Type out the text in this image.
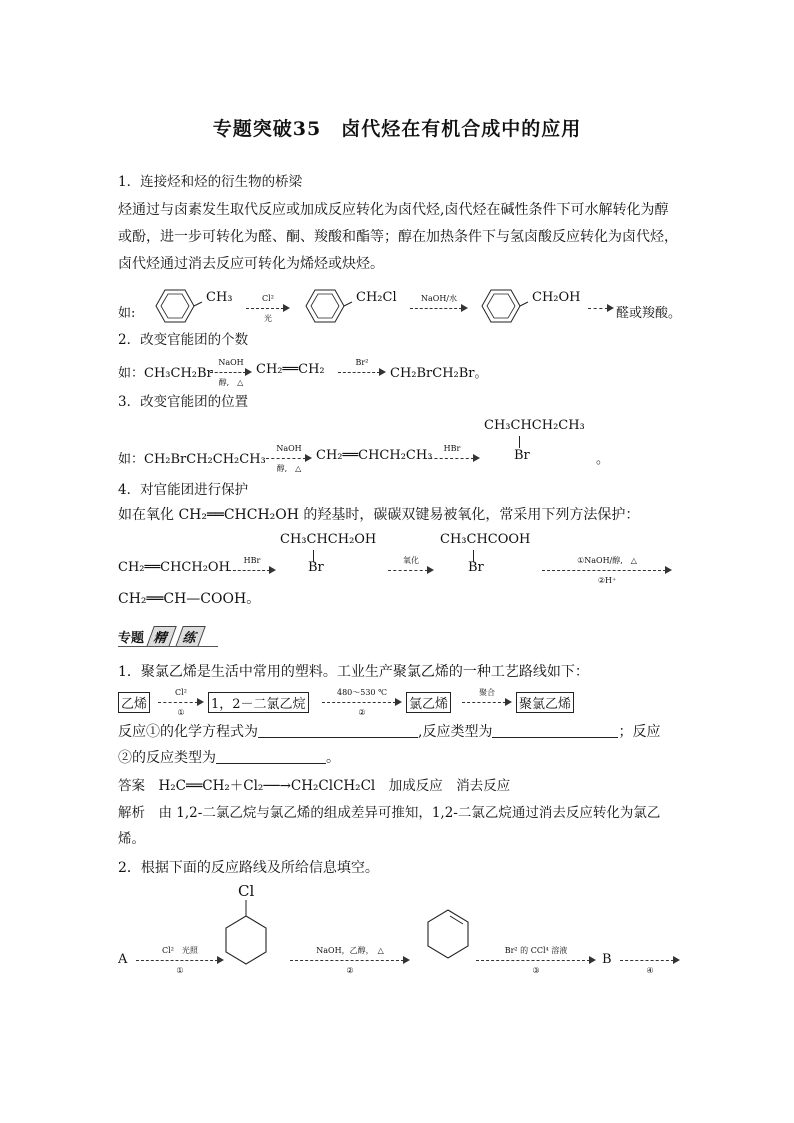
专题突破35　卤代烃在有机合成中的应用
1．连接烃和烃的衍生物的桥梁
烃通过与卤素发生取代反应或加成反应转化为卤代烃,卤代烃在碱性条件下可水解转化为醇
或酚，进一步可转化为醛、酮、羧酸和酯等；醇在加热条件下与氢卤酸反应转化为卤代烃，
卤代烃通过消去反应可转化为烯烃或炔烃。
如:
CH₃	Cl²
光
CH₂Cl	NaOH/水	CH₂OH
醛或羧酸。
2．改变官能团的个数
如：CH₃CH₂Br
NaOH
醇,　△
CH₂══CH₂	Br²
CH₂BrCH₂Br。
3．改变官能团的位置
CH₃CHCH₂CH₃
Br
如：CH₂BrCH₂CH₂CH₃
NaOH
醇,　△
CH₂══CHCH₂CH₃	HBr
。
4．对官能团进行保护
如在氧化 CH₂══CHCH₂OH 的羟基时，碳碳双键易被氧化，常采用下列方法保护：
CH₃CHCH₂OH
Br
CH₃CHCOOH
Br
CH₂══CHCH₂OH	HBr	氧化	①NaOH/醇,　△
②H⁺
CH₂══CH—COOH。
专题 精 练
1．聚氯乙烯是生活中常用的塑料。工业生产聚氯乙烯的一种工艺路线如下：
乙烯
Cl²
①
1，2－二氯乙烷
480～530 ℃
②
氯乙烯
聚合
聚氯乙烯
反应①的化学方程式为	,反应类型为	；反应
②的反应类型为	。
答案　 H₂C══CH₂＋Cl₂──→CH₂ClCH₂Cl　加成反应　消去反应
解析　 由 1,2-二氯乙烷与氯乙烯的组成差异可推知，1,2-二氯乙烷通过消去反应转化为氯乙
烯。
2．根据下面的反应路线及所给信息填空。
A
Cl²　光照
①
Cl
NaOH，乙醇，　△
②
Br² 的 CCl⁴ 溶液
③
B
④
